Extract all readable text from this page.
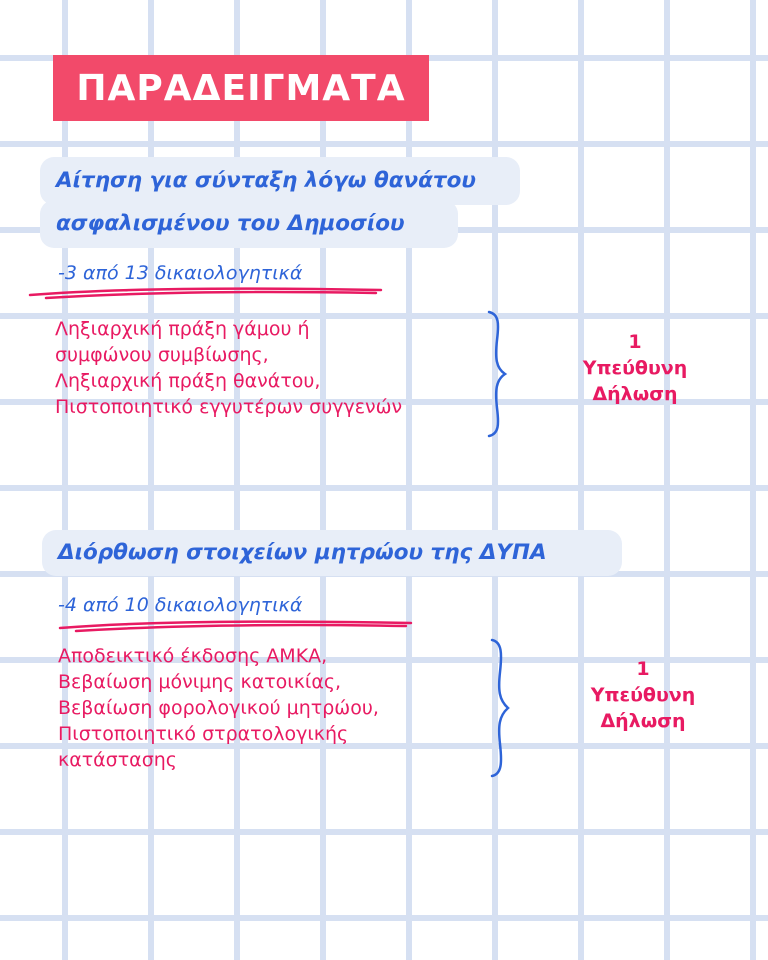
ΠΑΡΑΔΕΙΓΜΑΤΑ
Αίτηση για σύνταξη λόγω θανάτου
ασφαλισμένου του Δημοσίου
-3 από 13 δικαιολογητικά
Ληξιαρχική πράξη γάμου ή
συμφώνου συμβίωσης,
Ληξιαρχική πράξη θανάτου,
Πιστοποιητικό εγγυτέρων συγγενών
1
Υπεύθυνη
Δήλωση
Διόρθωση στοιχείων μητρώου της ΔΥΠΑ
-4 από 10 δικαιολογητικά
Αποδεικτικό έκδοσης ΑΜΚΑ,
Βεβαίωση μόνιμης κατοικίας,
Βεβαίωση φορολογικού μητρώου,
Πιστοποιητικό στρατολογικής
κατάστασης
1
Υπεύθυνη
Δήλωση
